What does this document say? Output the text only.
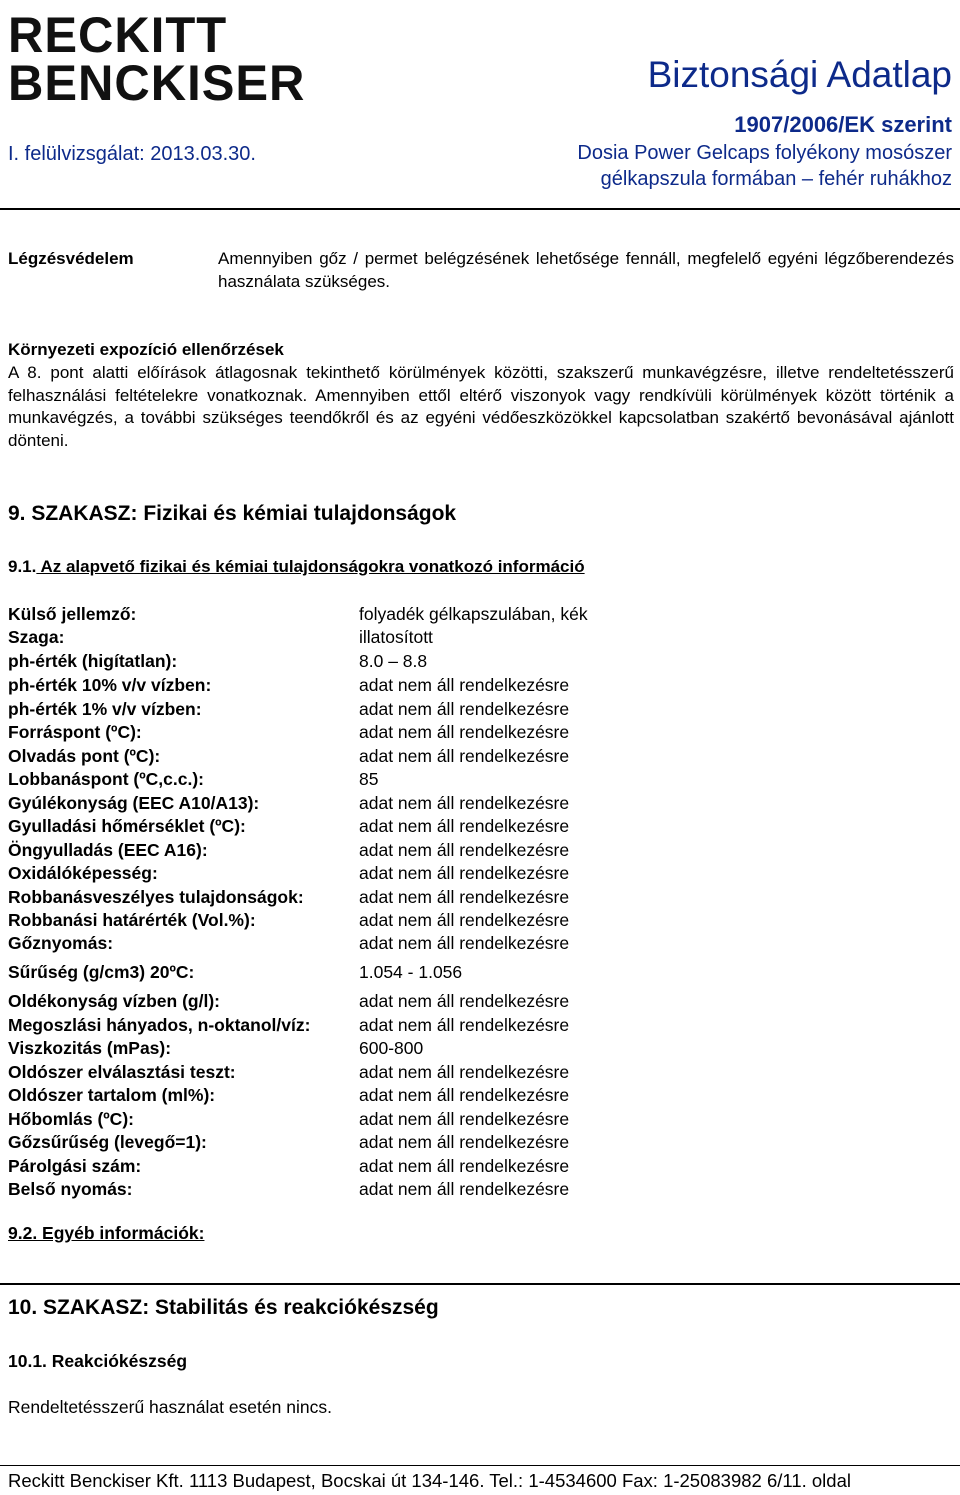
RECKITT
BENCKISER	Biztonsági Adatlap
1907/2006/EK szerint
I. felülvizsgálat: 2013.03.30.	Dosia Power Gelcaps folyékony mosószer
gélkapszula formában – fehér ruhákhoz
Légzésvédelem	Amennyiben gőz / permet belégzésének lehetősége fennáll, megfelelő egyéni légzőberendezés használata szükséges.
Környezeti expozíció ellenőrzések
A 8. pont alatti előírások átlagosnak tekinthető körülmények közötti, szakszerű munkavégzésre, illetve rendeltetésszerű felhasználási feltételekre vonatkoznak. Amennyiben ettől eltérő viszonyok vagy rendkívüli körülmények között történik a munkavégzés, a további szükséges teendőkről és az egyéni védőeszközökkel kapcsolatban szakértő bevonásával ajánlott dönteni.
9. SZAKASZ: Fizikai és kémiai tulajdonságok
9.1. Az alapvető fizikai és kémiai tulajdonságokra vonatkozó információ
Külső jellemző:	folyadék gélkapszulában, kék
Szaga:	illatosított
ph-érték (higítatlan):	8.0 – 8.8
ph-érték 10% v/v vízben:	adat nem áll rendelkezésre
ph-érték 1% v/v vízben:	adat nem áll rendelkezésre
Forráspont (ºC):	adat nem áll rendelkezésre
Olvadás pont (ºC):	adat nem áll rendelkezésre
Lobbanáspont (ºC,c.c.):	85
Gyúlékonyság (EEC A10/A13):	adat nem áll rendelkezésre
Gyulladási hőmérséklet (ºC):	adat nem áll rendelkezésre
Öngyulladás (EEC A16):	adat nem áll rendelkezésre
Oxidálóképesség:	adat nem áll rendelkezésre
Robbanásveszélyes tulajdonságok:	adat nem áll rendelkezésre
Robbanási határérték (Vol.%):	adat nem áll rendelkezésre
Gőznyomás:	adat nem áll rendelkezésre
Sűrűség (g/cm3) 20ºC:	1.054 - 1.056
Oldékonyság vízben (g/l):	adat nem áll rendelkezésre
Megoszlási hányados, n-oktanol/víz:	adat nem áll rendelkezésre
Viszkozitás (mPas):	600-800
Oldószer elválasztási teszt:	adat nem áll rendelkezésre
Oldószer tartalom (ml%):	adat nem áll rendelkezésre
Hőbomlás (ºC):	adat nem áll rendelkezésre
Gőzsűrűség (levegő=1):	adat nem áll rendelkezésre
Párolgási szám:	adat nem áll rendelkezésre
Belső nyomás:	adat nem áll rendelkezésre
9.2. Egyéb információk:
10. SZAKASZ: Stabilitás és reakciókészség
10.1. Reakciókészség
Rendeltetésszerű használat esetén nincs.
Reckitt Benckiser Kft. 1113 Budapest, Bocskai út 134-146. Tel.: 1-4534600 Fax: 1-25083982 6/11. oldal
